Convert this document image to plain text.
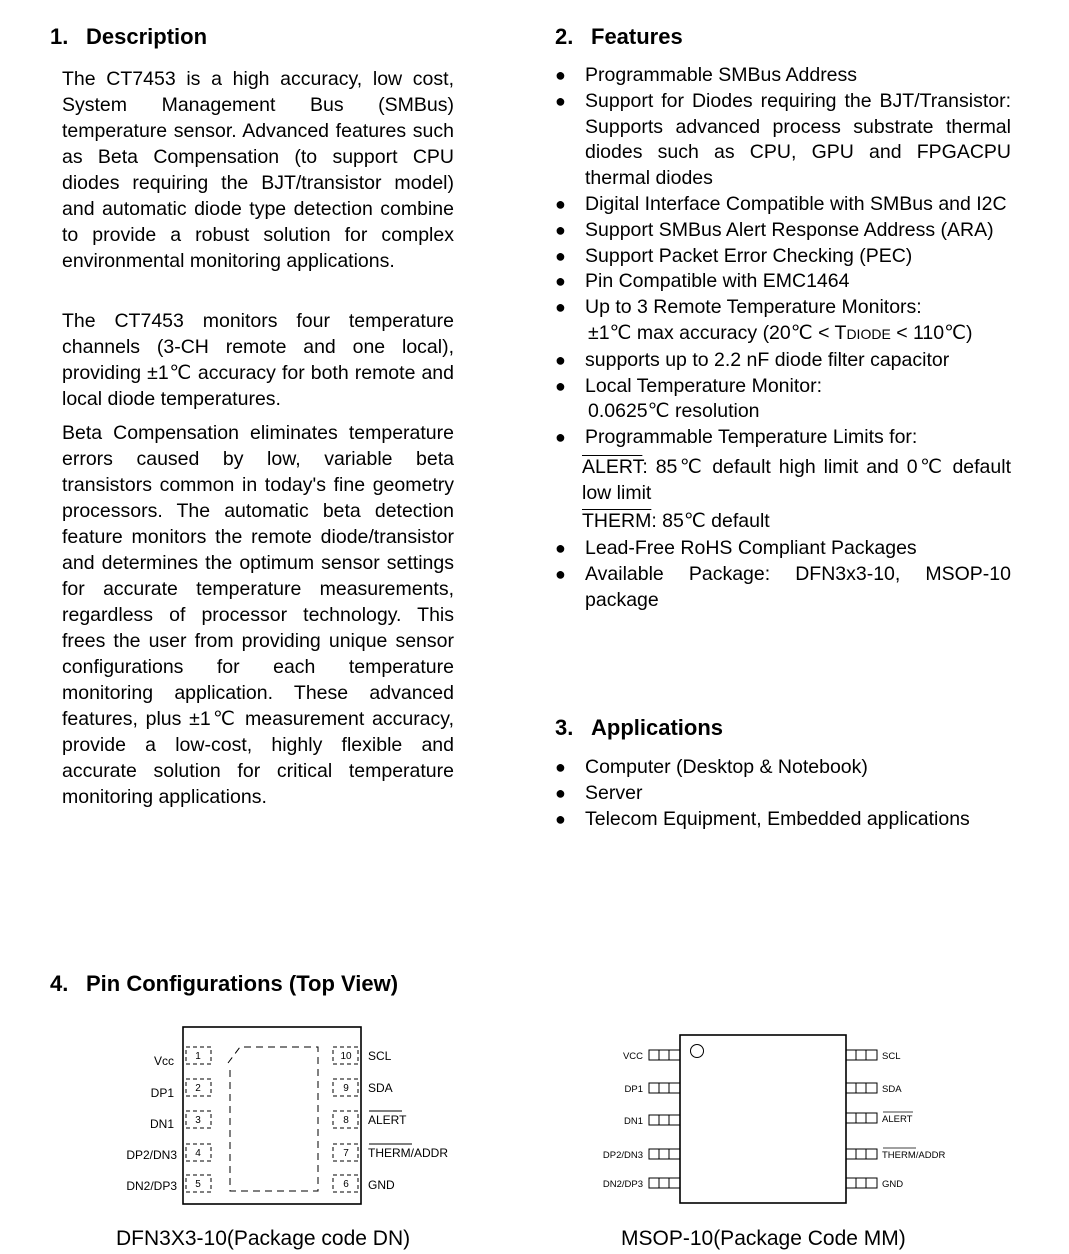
1. Description

The CT7453 is a high accuracy, low cost, System Management Bus (SMBus) temperature sensor. Advanced features such as Beta Compensation (to support CPU diodes requiring the BJT/transistor model) and automatic diode type detection combine to provide a robust solution for complex environmental monitoring applications.

The CT7453 monitors four temperature channels (3-CH remote and one local), providing ±1℃ accuracy for both remote and local diode temperatures.

Beta Compensation eliminates temperature errors caused by low, variable beta transistors common in today's fine geometry processors. The automatic beta detection feature monitors the remote diode/transistor and determines the optimum sensor settings for accurate temperature measurements, regardless of processor technology. This frees the user from providing unique sensor configurations for each temperature monitoring application. These advanced features, plus ±1℃ measurement accuracy, provide a low-cost, highly flexible and accurate solution for critical temperature monitoring applications.

2. Features
● Programmable SMBus Address
● Support for Diodes requiring the BJT/Transistor: Supports advanced process substrate thermal diodes such as CPU, GPU and FPGACPU thermal diodes
● Digital Interface Compatible with SMBus and I2C
● Support SMBus Alert Response Address (ARA)
● Support Packet Error Checking (PEC)
● Pin Compatible with EMC1464
● Up to 3 Remote Temperature Monitors:
±1℃ max accuracy (20℃ < TDIODE < 110℃)
● supports up to 2.2 nF diode filter capacitor
● Local Temperature Monitor:
0.0625℃ resolution
● Programmable Temperature Limits for:
ALERT: 85℃ default high limit and 0℃ default low limit
THERM: 85℃ default
● Lead-Free RoHS Compliant Packages
● Available Package: DFN3x3-10, MSOP-10 package
3. Applications
● Computer (Desktop & Notebook)
● Server
● Telecom Equipment, Embedded applications
4. Pin Configurations (Top View)
1
Vcc
2
DP1
3
DN1
4
DP2/DN3
5
DN2/DP3
10 SCL
9 SDA
8 ALERT
7 THERM/ADDR
6 GND
DFN3X3-10(Package code DN)
VCC
DP1
DN1
DP2/DN3
DN2/DP3
SCL
SDA
ALERT
THERM/ADDR
GND
MSOP-10(Package Code MM)
